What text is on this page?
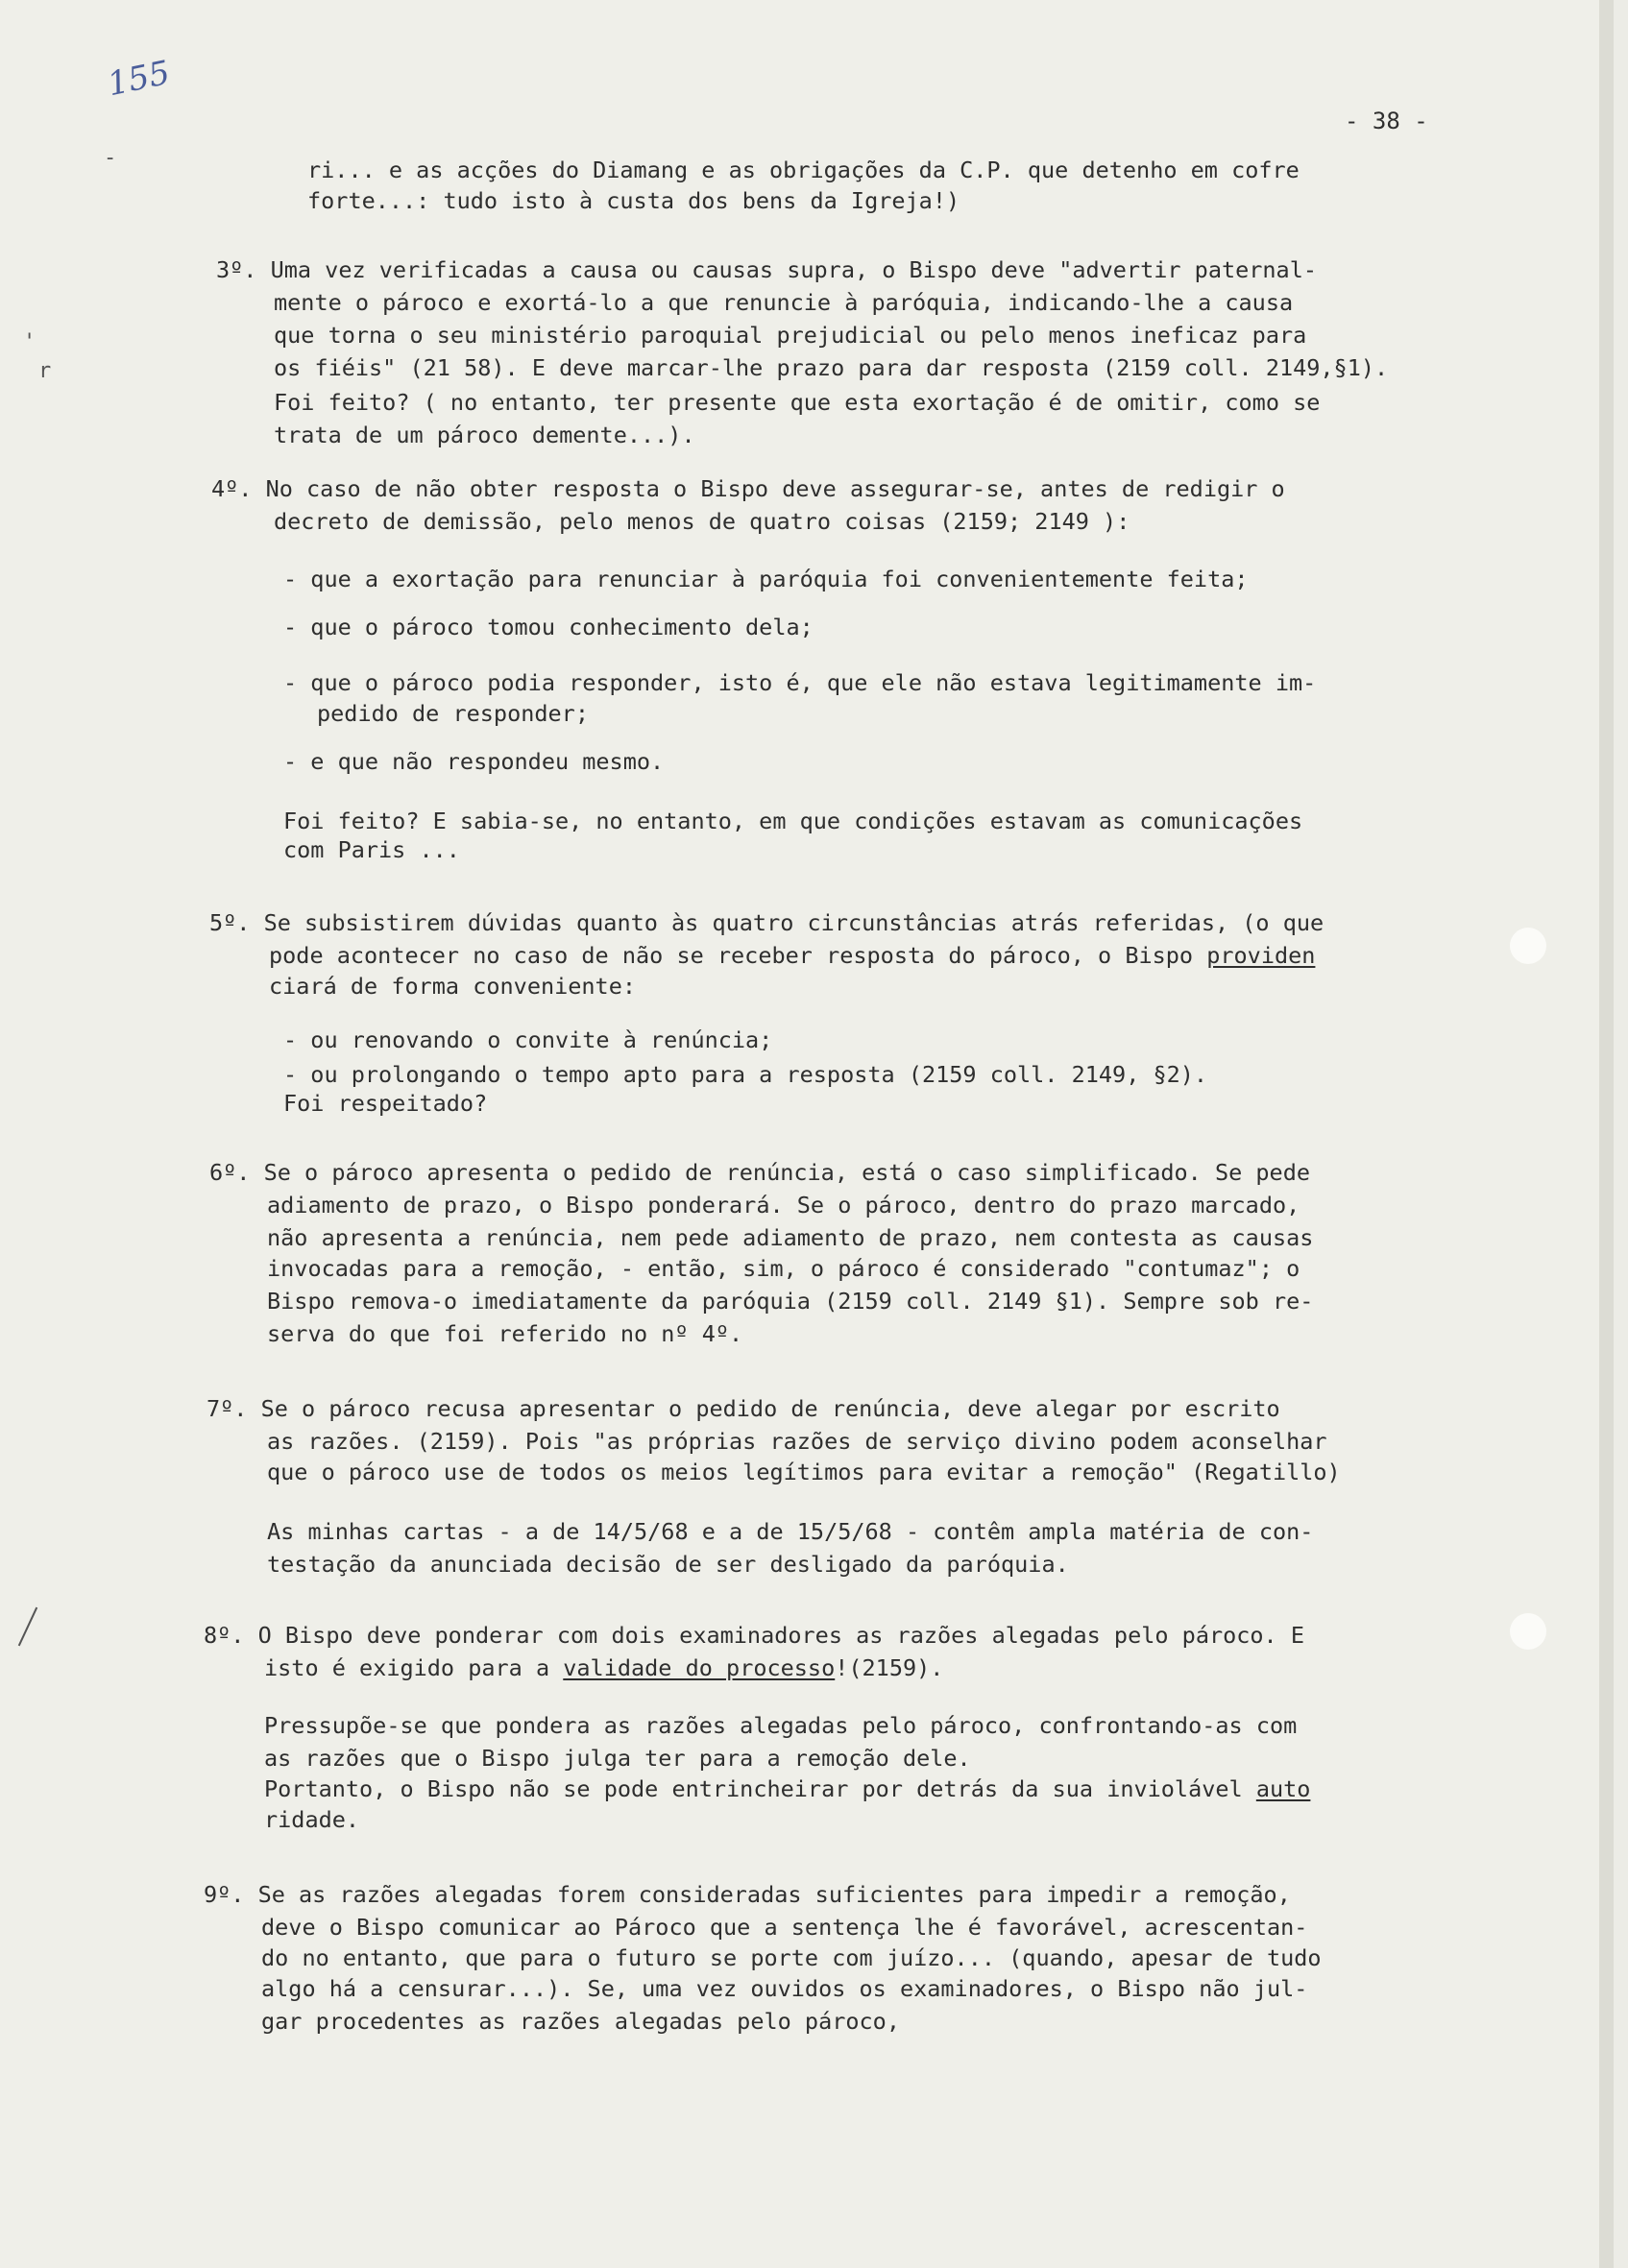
155
- 38 -
ri... e as acções do Diamang e as obrigações da C.P. que detenho em cofre
forte...: tudo isto à custa dos bens da Igreja!)
3º. Uma vez verificadas a causa ou causas supra, o Bispo deve "advertir paternal-
mente o pároco e exortá-lo a que renuncie à paróquia, indicando-lhe a causa
que torna o seu ministério paroquial prejudicial ou pelo menos ineficaz para
os fiéis" (21 58). E deve marcar-lhe prazo para dar resposta (2159 coll. 2149,§1).
Foi feito? ( no entanto, ter presente que esta exortação é de omitir, como se
trata de um pároco demente...).
4º. No caso de não obter resposta o Bispo deve assegurar-se, antes de redigir o
decreto de demissão, pelo menos de quatro coisas (2159; 2149 ):
- que a exortação para renunciar à paróquia foi convenientemente feita;
- que o pároco tomou conhecimento dela;
- que o pároco podia responder, isto é, que ele não estava legitimamente im-
pedido de responder;
- e que não respondeu mesmo.
Foi feito? E sabia-se, no entanto, em que condições estavam as comunicações
com Paris ...
5º. Se subsistirem dúvidas quanto às quatro circunstâncias atrás referidas, (o que
pode acontecer no caso de não se receber resposta do pároco, o Bispo providen
ciará de forma conveniente:
- ou renovando o convite à renúncia;
- ou prolongando o tempo apto para a resposta (2159 coll. 2149, §2).
Foi respeitado?
6º. Se o pároco apresenta o pedido de renúncia, está o caso simplificado. Se pede
adiamento de prazo, o Bispo ponderará. Se o pároco, dentro do prazo marcado,
não apresenta a renúncia, nem pede adiamento de prazo, nem contesta as causas
invocadas para a remoção, - então, sim, o pároco é considerado "contumaz"; o
Bispo remova-o imediatamente da paróquia (2159 coll. 2149 §1). Sempre sob re-
serva do que foi referido no nº 4º.
7º. Se o pároco recusa apresentar o pedido de renúncia, deve alegar por escrito
as razões. (2159). Pois "as próprias razões de serviço divino podem aconselhar
que o pároco use de todos os meios legítimos para evitar a remoção" (Regatillo)
As minhas cartas - a de 14/5/68 e a de 15/5/68 - contêm ampla matéria de con-
testação da anunciada decisão de ser desligado da paróquia.
8º. O Bispo deve ponderar com dois examinadores as razões alegadas pelo pároco. E
isto é exigido para a validade do processo!(2159).
Pressupõe-se que pondera as razões alegadas pelo pároco, confrontando-as com
as razões que o Bispo julga ter para a remoção dele.
Portanto, o Bispo não se pode entrincheirar por detrás da sua inviolável auto
ridade.
9º. Se as razões alegadas forem consideradas suficientes para impedir a remoção,
deve o Bispo comunicar ao Pároco que a sentença lhe é favorável, acrescentan-
do no entanto, que para o futuro se porte com juízo... (quando, apesar de tudo
algo há a censurar...). Se, uma vez ouvidos os examinadores, o Bispo não jul-
gar procedentes as razões alegadas pelo pároco,
-
'
r
